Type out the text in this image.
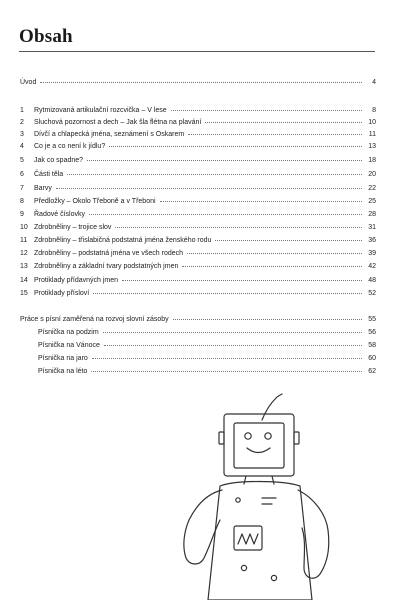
Obsah
Úvod	4
1	Rytmizovaná artikulační rozcvička – V lese	8
2	Sluchová pozornost a dech – Jak šla flétna na plavání	10
3	Dívčí a chlapecká jména, seznámení s Oskarem	11
4	Co je a co není k jídlu?	13
5	Jak co spadne?	18
6	Části těla	20
7	Barvy	22
8	Předložky – Okolo Třeboně a v Třeboni	25
9	Řadové číslovky	28
10 Zdrobněliny – trojice slov	31
11 Zdrobněliny – třislabičná podstatná jména ženského rodu	36
12 Zdrobněliny – podstatná jména ve všech rodech	39
13 Zdrobněliny a základní tvary podstatných jmen	42
14 Protiklady přídavných jmen	48
15 Protiklady přísloví	52
Práce s písní zaměřená na rozvoj slovní zásoby	55
Písnička na podzim	56
Písnička na Vánoce	58
Písnička na jaro	60
Písnička na léto	62
